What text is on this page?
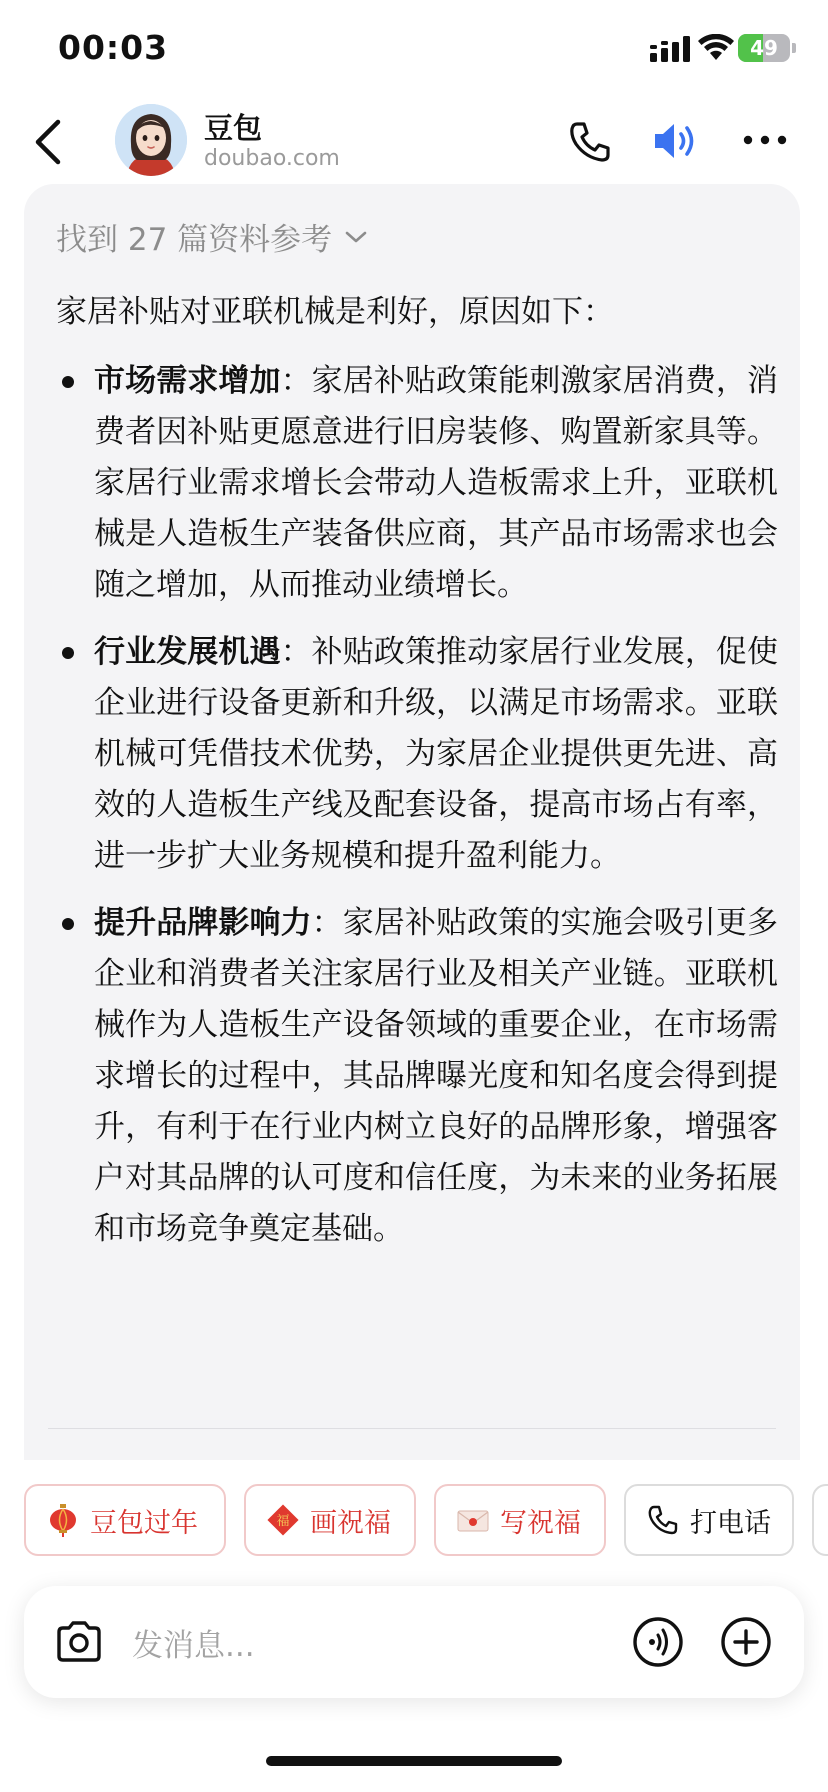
00:03	49
豆包
doubao.com
找到 27 篇资料参考
家居补贴对亚联机械是利好，原因如下：
市场需求增加：家居补贴政策能刺激家居消费，消费者因补贴更愿意进行旧房装修、购置新家具等。家居行业需求增长会带动人造板需求上升，亚联机械是人造板生产装备供应商，其产品市场需求也会随之增加，从而推动业绩增长。
行业发展机遇：补贴政策推动家居行业发展，促使企业进行设备更新和升级，以满足市场需求。亚联机械可凭借技术优势，为家居企业提供更先进、高效的人造板生产线及配套设备，提高市场占有率，进一步扩大业务规模和提升盈利能力。
提升品牌影响力：家居补贴政策的实施会吸引更多企业和消费者关注家居行业及相关产业链。亚联机械作为人造板生产设备领域的重要企业，在市场需求增长的过程中，其品牌曝光度和知名度会得到提升，有利于在行业内树立良好的品牌形象，增强客户对其品牌的认可度和信任度，为未来的业务拓展和市场竞争奠定基础。
豆包过年	福 画祝福	写祝福	打电话
发消息...
